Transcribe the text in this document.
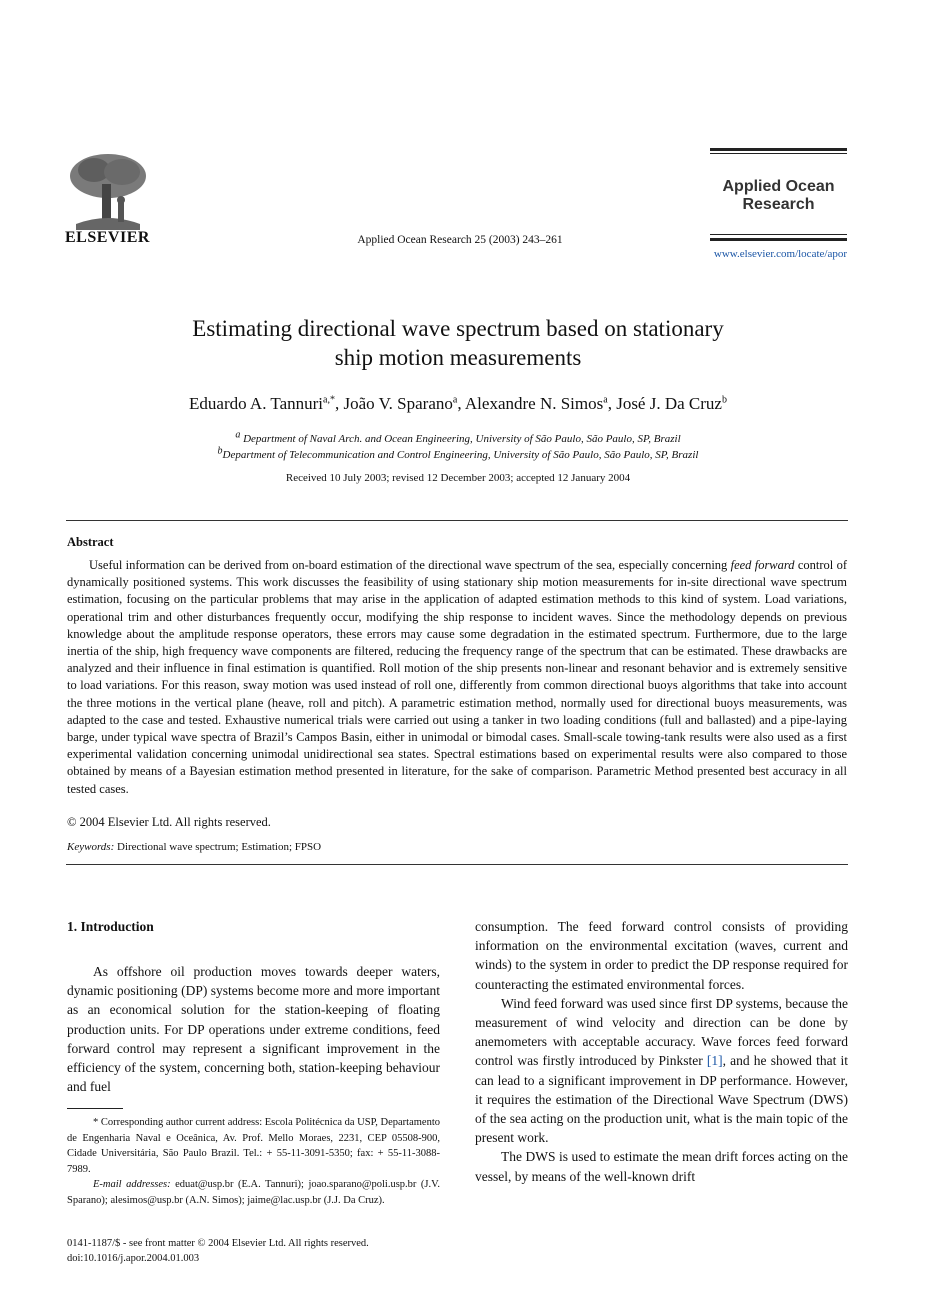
ELSEVIER	Applied Ocean Research 25 (2003) 243–261
Applied Ocean
Research
www.elsevier.com/locate/apor
Estimating directional wave spectrum based on stationary
ship motion measurements
Eduardo A. Tannuri$^{a,*}$, João V. Sparano$^a$, Alexandre N. Simos$^a$, José J. Da Cruz$^b$
$^a$ Department of Naval Arch. and Ocean Engineering, University of São Paulo, São Paulo, SP, Brazil
$^b$Department of Telecommunication and Control Engineering, University of São Paulo, São Paulo, SP, Brazil
Received 10 July 2003; revised 12 December 2003; accepted 12 January 2004
Abstract

Useful information can be derived from on-board estimation of the directional wave spectrum of the sea, especially concerning feed forward control of dynamically positioned systems. This work discusses the feasibility of using stationary ship motion measurements for in-site directional wave spectrum estimation, focusing on the particular problems that may arise in the application of adapted estimation methods to this kind of system. Load variations, operational trim and other disturbances frequently occur, modifying the ship response to incident waves. Since the methodology depends on previous knowledge about the amplitude response operators, these errors may cause some degradation in the estimated spectrum. Furthermore, due to the large inertia of the ship, high frequency wave components are filtered, reducing the frequency range of the spectrum that can be estimated. These drawbacks are analyzed and their influence in final estimation is quantified. Roll motion of the ship presents non-linear and resonant behavior and is extremely sensitive to load variations. For this reason, sway motion was used instead of roll one, differently from common directional buoys algorithms that take into account the three motions in the vertical plane (heave, roll and pitch). A parametric estimation method, normally used for directional buoys measurements, was adapted to the case and tested. Exhaustive numerical trials were carried out using a tanker in two loading conditions (full and ballasted) and a pipe-laying barge, under typical wave spectra of Brazil’s Campos Basin, either in unimodal or bimodal cases. Small-scale towing-tank results were also used as a first experimental validation concerning unimodal unidirectional sea states. Spectral estimations based on experimental results were also compared to those obtained by means of a Bayesian estimation method presented in literature, for the sake of comparison. Parametric Method presented best accuracy in all tested cases.

© 2004 Elsevier Ltd. All rights reserved.
Keywords: Directional wave spectrum; Estimation; FPSO
1. Introduction

As offshore oil production moves towards deeper waters, dynamic positioning (DP) systems become more and more important as an economical solution for the station-keeping of floating production units. For DP operations under extreme conditions, feed forward control may represent a significant improvement in the efficiency of the system, concerning both, station-keeping behaviour and fuel

* Corresponding author current address: Escola Politécnica da USP, Departamento de Engenharia Naval e Oceânica, Av. Prof. Mello Moraes, 2231, CEP 05508-900, Cidade Universitária, São Paulo Brazil. Tel.: + 55-11-3091-5350; fax: + 55-11-3088-7989.

E-mail addresses: eduat@usp.br (E.A. Tannuri); joao.sparano@poli.usp.br (J.V. Sparano); alesimos@usp.br (A.N. Simos); jaime@lac.usp.br (J.J. Da Cruz).

0141-1187/$ - see front matter © 2004 Elsevier Ltd. All rights reserved.
doi:10.1016/j.apor.2004.01.003

consumption. The feed forward control consists of providing information on the environmental excitation (waves, current and winds) to the system in order to predict the DP response required for counteracting the estimated environmental forces.

Wind feed forward was used since first DP systems, because the measurement of wind velocity and direction can be done by anemometers with acceptable accuracy. Wave forces feed forward control was firstly introduced by Pinkster [1], and he showed that it can lead to a significant improvement in DP performance. However, it requires the estimation of the Directional Wave Spectrum (DWS) of the sea acting on the production unit, what is the main topic of the present work.

The DWS is used to estimate the mean drift forces acting on the vessel, by means of the well-known drift
